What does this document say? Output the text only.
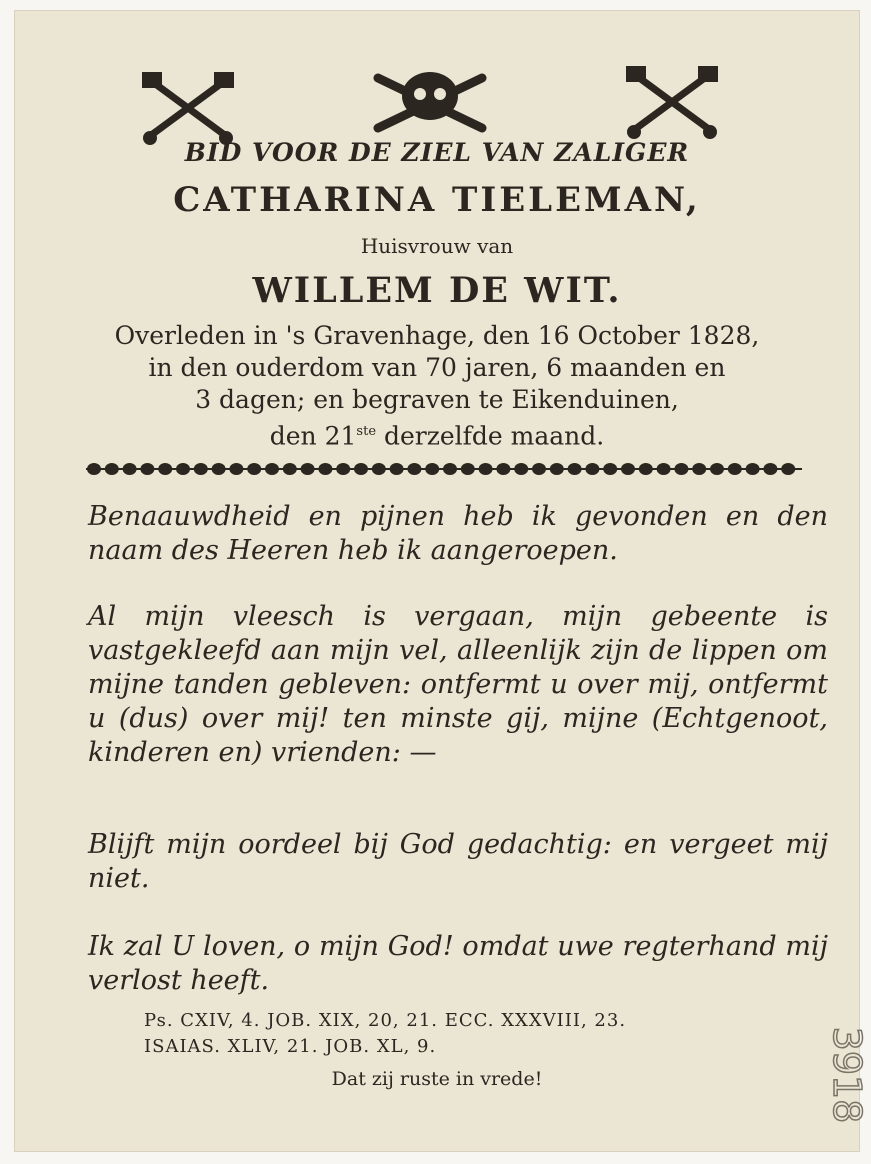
BID VOOR DE ZIEL VAN ZALIGER
CATHARINA TIELEMAN,
Huisvrouw van
WILLEM DE WIT.
Overleden in 's Gravenhage, den 16 October 1828,
in den ouderdom van 70 jaren, 6 maanden en
3 dagen; en begraven te Eikenduinen,
den 21ste derzelfde maand.
Benaauwdheid en pijnen heb ik gevonden en den naam des Heeren heb ik aangeroepen.
Al mijn vleesch is vergaan, mijn gebeente is vastgekleefd aan mijn vel, alleenlijk zijn de lippen om mijne tanden gebleven: ontfermt u over mij, ontfermt u (dus) over mij! ten minste gij, mijne (Echtgenoot, kinderen en) vrienden: —
Blijft mijn oordeel bij God gedachtig: en vergeet mij niet.
Ik zal U loven, o mijn God! omdat uwe regterhand mij verlost heeft.
Ps. CXIV, 4. JOB. XIX, 20, 21. ECC. XXXVIII, 23.
ISAIAS. XLIV, 21. JOB. XL, 9.
Dat zij ruste in vrede!	3918
